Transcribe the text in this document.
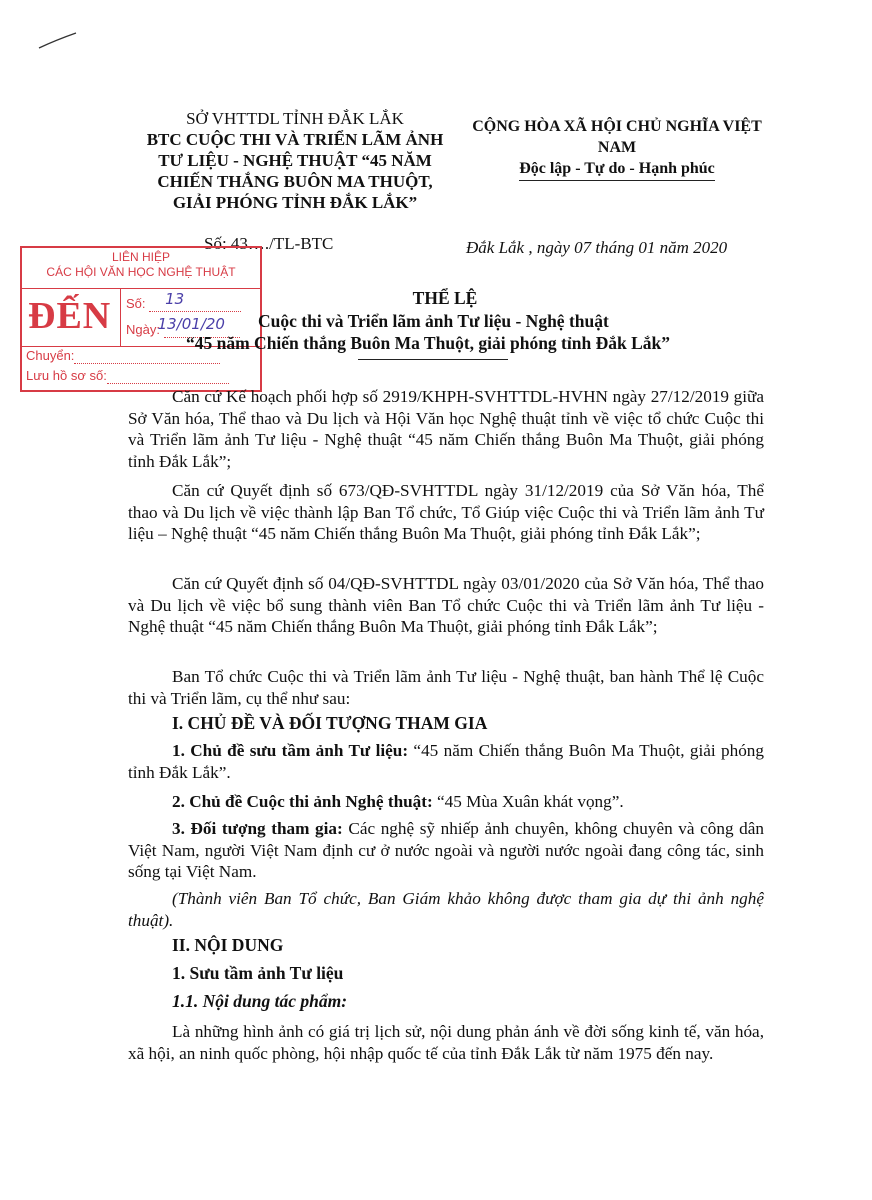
SỞ VHTTDL TỈNH ĐẮK LẮK
BTC CUỘC THI VÀ TRIỂN LÃM ẢNH
TƯ LIỆU - NGHỆ THUẬT “45 NĂM
CHIẾN THẮNG BUÔN MA THUỘT,
GIẢI PHÓNG TỈNH ĐẮK LẮK”
CỘNG HÒA XÃ HỘI CHỦ NGHĨA VIỆT NAM
Độc lập - Tự do - Hạnh phúc
Số: 43…./TL-BTC	Đắk Lắk , ngày 07 tháng 01 năm 2020
LIÊN HIỆP
CÁC HỘI VĂN HỌC NGHỆ THUẬT
ĐẾN Số: 13

Ngày:
13/01/20

Chuyển:
Lưu hồ sơ số:
THỂ LỆ
Cuộc thi và Triển lãm ảnh Tư liệu - Nghệ thuật
“45 năm Chiến thắng Buôn Ma Thuột, giải phóng tỉnh Đắk Lắk”
Căn cứ Kế hoạch phối hợp số 2919/KHPH-SVHTTDL-HVHN ngày 27/12/2019 giữa Sở Văn hóa, Thể thao và Du lịch và Hội Văn học Nghệ thuật tỉnh về việc tổ chức Cuộc thi và Triển lãm ảnh Tư liệu - Nghệ thuật “45 năm Chiến thắng Buôn Ma Thuột, giải phóng tỉnh Đắk Lắk”;
Căn cứ Quyết định số 673/QĐ-SVHTTDL ngày 31/12/2019 của Sở Văn hóa, Thể thao và Du lịch về việc thành lập Ban Tổ chức, Tổ Giúp việc Cuộc thi và Triển lãm ảnh Tư liệu – Nghệ thuật “45 năm Chiến thắng Buôn Ma Thuột, giải phóng tỉnh Đắk Lắk”;
Căn cứ Quyết định số 04/QĐ-SVHTTDL ngày 03/01/2020 của Sở Văn hóa, Thể thao và Du lịch về việc bổ sung thành viên Ban Tổ chức Cuộc thi và Triển lãm ảnh Tư liệu - Nghệ thuật “45 năm Chiến thắng Buôn Ma Thuột, giải phóng tỉnh Đắk Lắk”;
Ban Tổ chức Cuộc thi và Triển lãm ảnh Tư liệu - Nghệ thuật, ban hành Thể lệ Cuộc thi và Triển lãm, cụ thể như sau:
I. CHỦ ĐỀ VÀ ĐỐI TƯỢNG THAM GIA
1. Chủ đề sưu tầm ảnh Tư liệu: “45 năm Chiến thắng Buôn Ma Thuột, giải phóng tỉnh Đắk Lắk”.
2. Chủ đề Cuộc thi ảnh Nghệ thuật: “45 Mùa Xuân khát vọng”.
3. Đối tượng tham gia: Các nghệ sỹ nhiếp ảnh chuyên, không chuyên và công dân Việt Nam, người Việt Nam định cư ở nước ngoài và người nước ngoài đang công tác, sinh sống tại Việt Nam.
(Thành viên Ban Tổ chức, Ban Giám khảo không được tham gia dự thi ảnh nghệ thuật).
II. NỘI DUNG
1. Sưu tầm ảnh Tư liệu
1.1. Nội dung tác phẩm:
Là những hình ảnh có giá trị lịch sử, nội dung phản ánh về đời sống kinh tế, văn hóa, xã hội, an ninh quốc phòng, hội nhập quốc tế của tỉnh Đắk Lắk từ năm 1975 đến nay.
